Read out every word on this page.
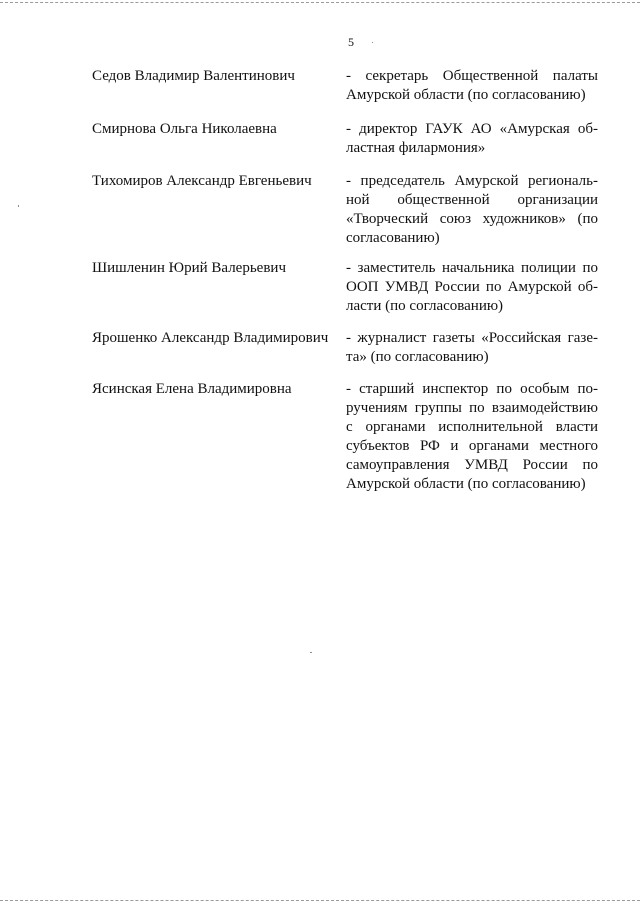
5
Седов Владимир Валентинович	- секретарь Общественной палаты
Амурской области (по согласованию)
Смирнова Ольга Николаевна	- директор ГАУК АО «Амурская об-
ластная филармония»
Тихомиров Александр Евгеньевич	- председатель Амурской региональ-
ной общественной организации
«Творческий союз художников» (по
согласованию)
Шишленин Юрий Валерьевич	- заместитель начальника полиции по
ООП УМВД России по Амурской об-
ласти (по согласованию)
Ярошенко Александр Владимирович	- журналист газеты «Российская газе-
та» (по согласованию)
Ясинская Елена Владимировна	- старший инспектор по особым по-
ручениям группы по взаимодействию
с органами исполнительной власти
субъектов РФ и органами местного
самоуправления УМВД России по
Амурской области (по согласованию)
